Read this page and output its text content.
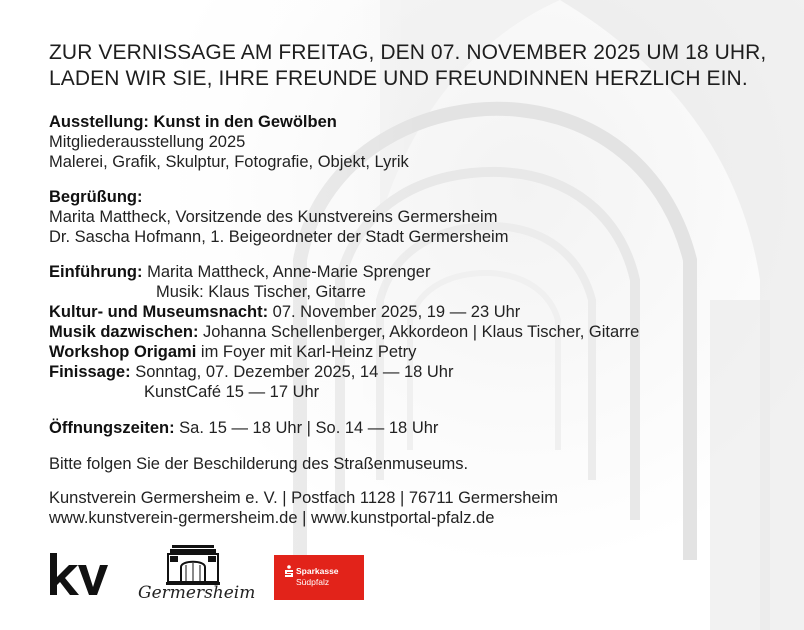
ZUR VERNISSAGE AM FREITAG, DEN 07. NOVEMBER 2025 UM 18 UHR,
LADEN WIR SIE, IHRE FREUNDE UND FREUNDINNEN HERZLICH EIN.
Ausstellung: Kunst in den Gewölben
Mitgliederausstellung 2025
Malerei, Grafik, Skulptur, Fotografie, Objekt, Lyrik
Begrüßung:
Marita Mattheck, Vorsitzende des Kunstvereins Germersheim
Dr. Sascha Hofmann, 1. Beigeordneter der Stadt Germersheim
Einführung: Marita Mattheck, Anne-Marie Sprenger
Musik: Klaus Tischer, Gitarre
Kultur- und Museumsnacht: 07. November 2025, 19 — 23 Uhr
Musik dazwischen: Johanna Schellenberger, Akkordeon | Klaus Tischer, Gitarre
Workshop Origami im Foyer mit Karl-Heinz Petry
Finissage: Sonntag, 07. Dezember 2025, 14 — 18 Uhr
KunstCafé 15 — 17 Uhr
Öffnungszeiten: Sa. 15 — 18 Uhr | So. 14 — 18 Uhr
Bitte folgen Sie der Beschilderung des Straßenmuseums.
Kunstverein Germersheim e. V. | Postfach 1128 | 76711 Germersheim
www.kunstverein-germersheim.de | www.kunstportal-pfalz.de
Germersheim
Sparkasse
Südpfalz
